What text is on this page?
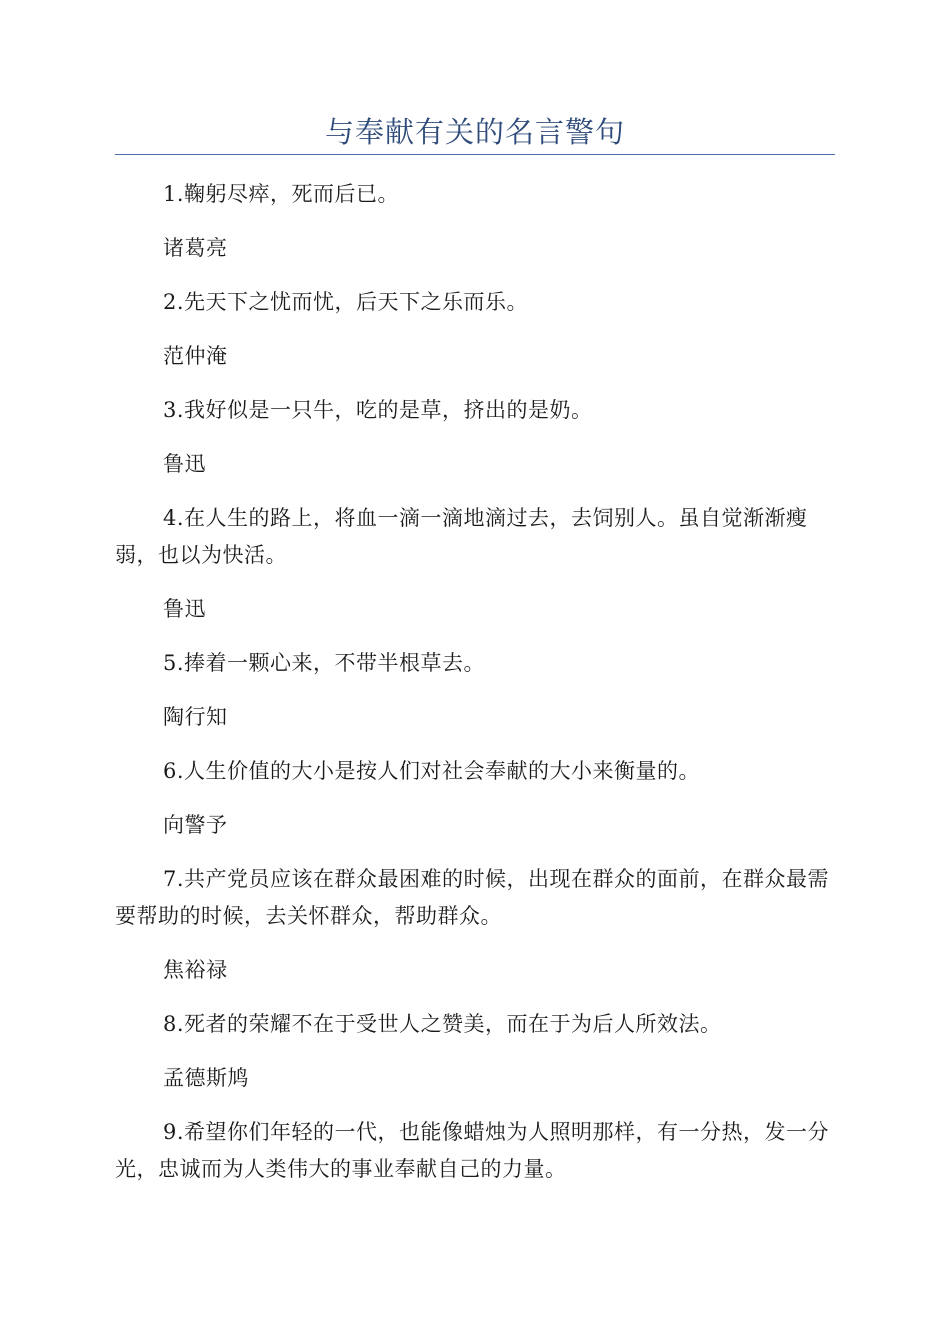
与奉献有关的名言警句

1.鞠躬尽瘁，死而后已。

诸葛亮

2.先天下之忧而忧，后天下之乐而乐。

范仲淹

3.我好似是一只牛，吃的是草，挤出的是奶。

鲁迅

4.在人生的路上，将血一滴一滴地滴过去，去饲别人。虽自觉渐渐瘦弱，也以为快活。

鲁迅

5.捧着一颗心来，不带半根草去。

陶行知

6.人生价值的大小是按人们对社会奉献的大小来衡量的。

向警予

7.共产党员应该在群众最困难的时候，出现在群众的面前，在群众最需要帮助的时候，去关怀群众，帮助群众。

焦裕禄

8.死者的荣耀不在于受世人之赞美，而在于为后人所效法。

孟德斯鸠

9.希望你们年轻的一代，也能像蜡烛为人照明那样，有一分热，发一分光，忠诚而为人类伟大的事业奉献自己的力量。
